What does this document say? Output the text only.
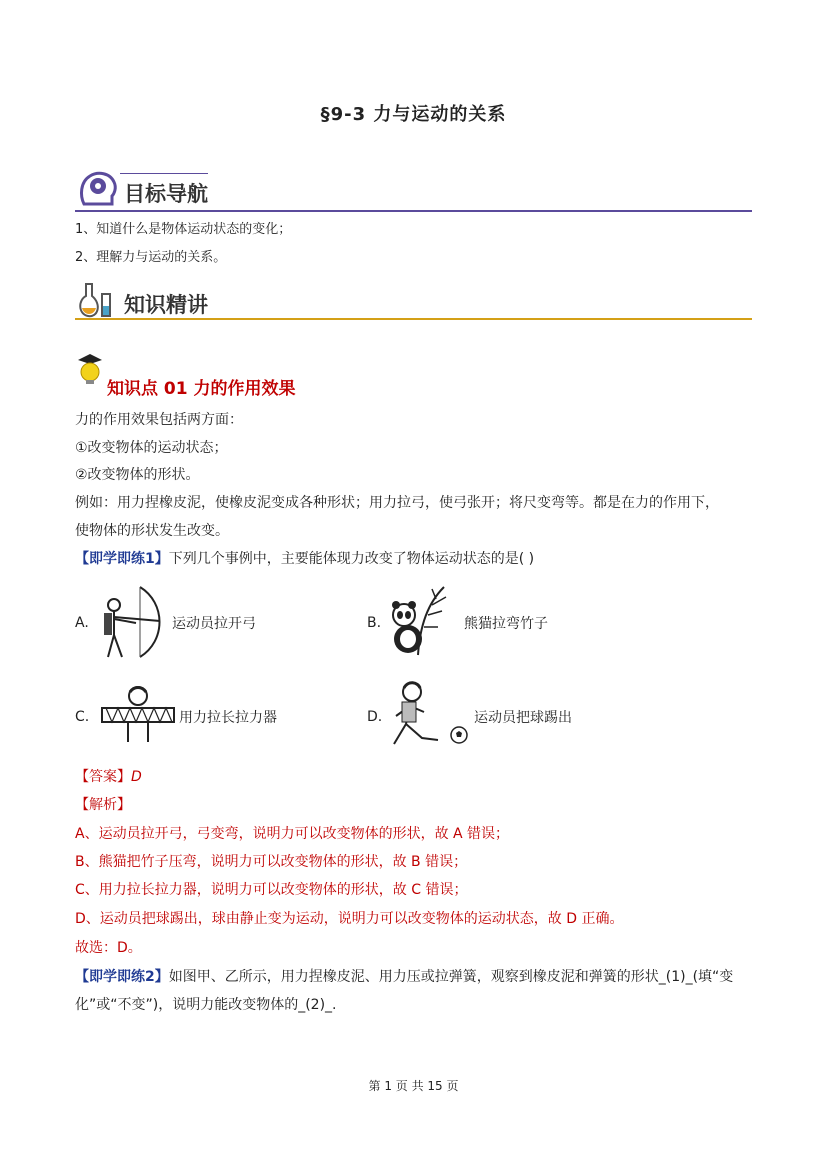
§9-3 力与运动的关系
目标导航
1、知道什么是物体运动状态的变化；
2、理解力与运动的关系。
知识精讲
知识点 01 力的作用效果
力的作用效果包括两方面：
①改变物体的运动状态；
②改变物体的形状。
例如：用力捏橡皮泥，使橡皮泥变成各种形状；用力拉弓，使弓张开；将尺变弯等。都是在力的作用下，
使物体的形状发生改变。
【即学即练1】下列几个事例中，主要能体现力改变了物体运动状态的是( )
A.	运动员拉开弓	B.	熊猫拉弯竹子
C.	用力拉长拉力器	D.	运动员把球踢出
【答案】D
【解析】
A、运动员拉开弓，弓变弯，说明力可以改变物体的形状，故 A 错误；
B、熊猫把竹子压弯，说明力可以改变物体的形状，故 B 错误；
C、用力拉长拉力器，说明力可以改变物体的形状，故 C 错误；
D、运动员把球踢出，球由静止变为运动，说明力可以改变物体的运动状态，故 D 正确。
故选：D。
【即学即练2】如图甲、乙所示，用力捏橡皮泥、用力压或拉弹簧，观察到橡皮泥和弹簧的形状_(1)_(填“变
化”或“不变”)，说明力能改变物体的_(2)_.
第 1 页 共 15 页
